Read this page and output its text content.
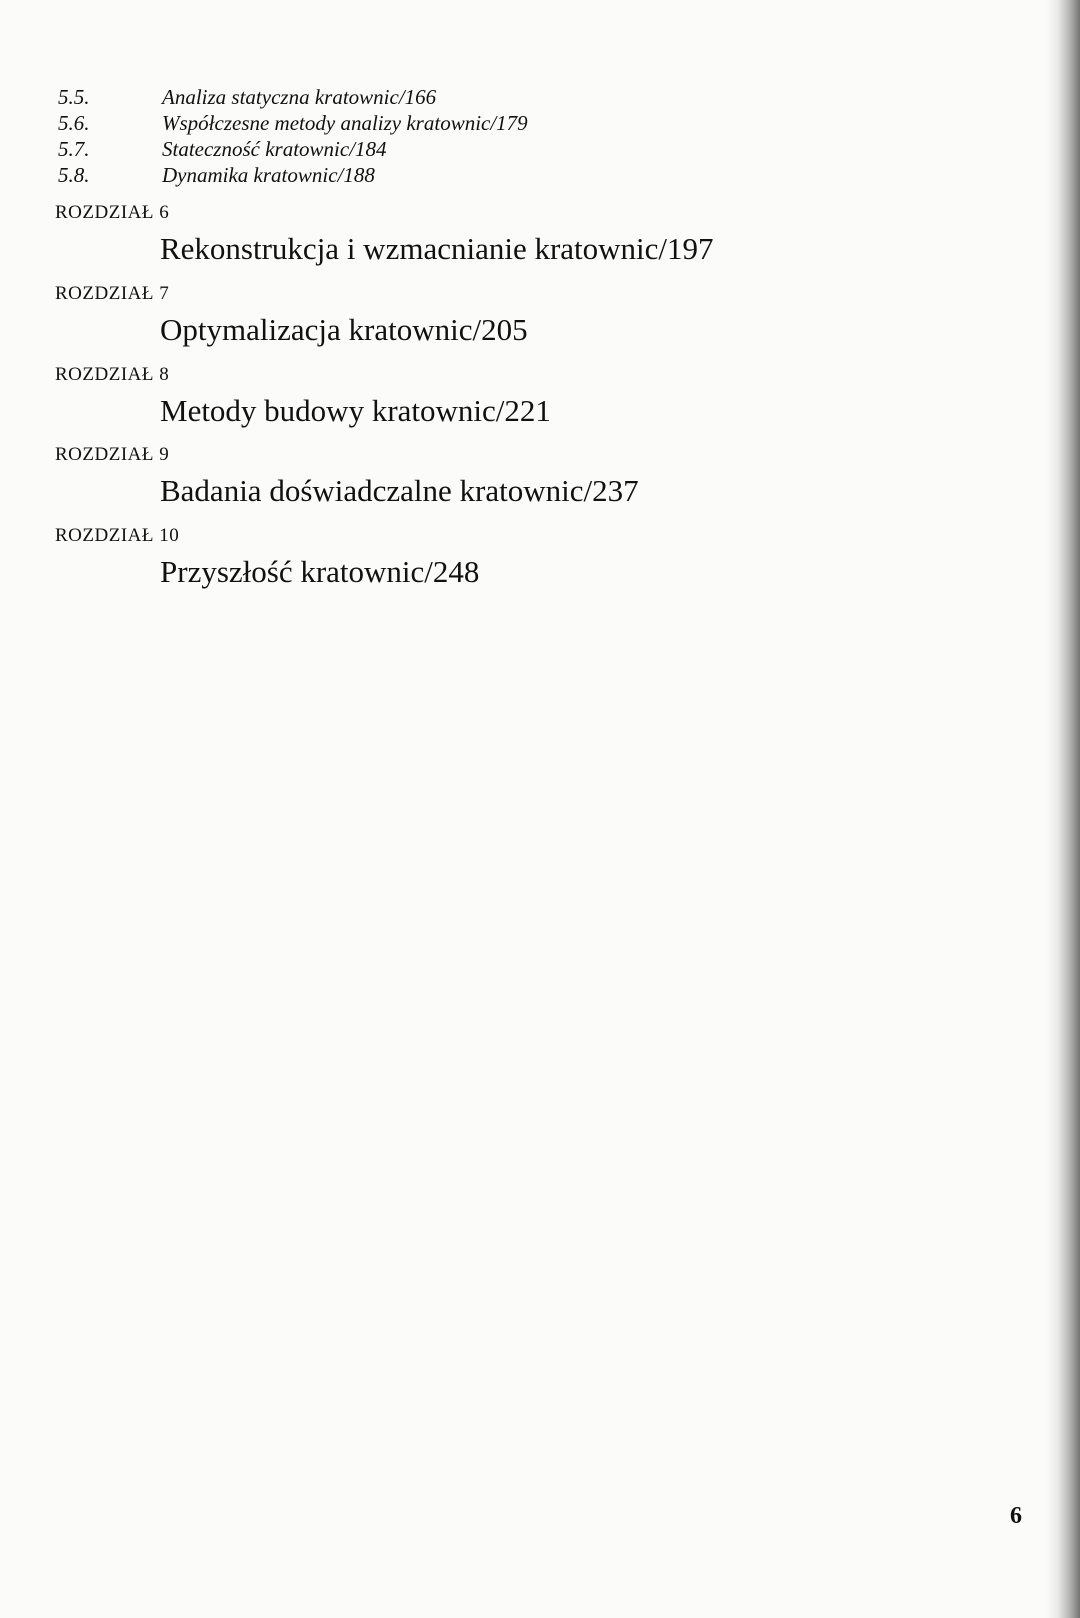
5.5.	Analiza statyczna kratownic/166
5.6.	Współczesne metody analizy kratownic/179
5.7.	Stateczność kratownic/184
5.8.	Dynamika kratownic/188
ROZDZIAŁ 6
Rekonstrukcja i wzmacnianie kratownic/197
ROZDZIAŁ 7
Optymalizacja kratownic/205
ROZDZIAŁ 8
Metody budowy kratownic/221
ROZDZIAŁ 9
Badania doświadczalne kratownic/237
ROZDZIAŁ 10
Przyszłość kratownic/248
6
